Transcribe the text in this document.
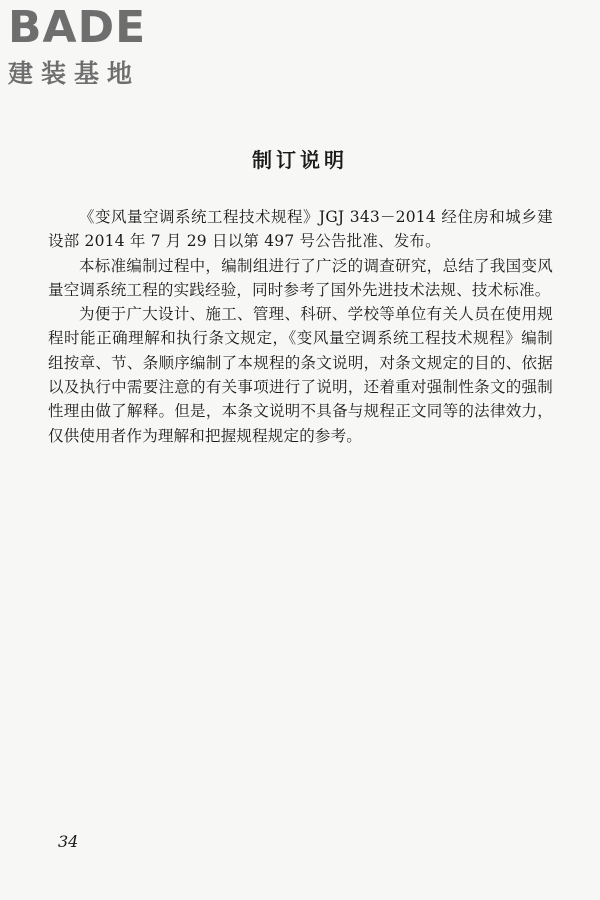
BADE
建装基地
制订说明

《变风量空调系统工程技术规程》JGJ 343－2014 经住房和城乡建设部 2014 年 7 月 29 日以第 497 号公告批准、发布。

本标准编制过程中，编制组进行了广泛的调查研究，总结了我国变风量空调系统工程的实践经验，同时参考了国外先进技术法规、技术标准。

为便于广大设计、施工、管理、科研、学校等单位有关人员在使用规程时能正确理解和执行条文规定，《变风量空调系统工程技术规程》编制组按章、节、条顺序编制了本规程的条文说明，对条文规定的目的、依据以及执行中需要注意的有关事项进行了说明，还着重对强制性条文的强制性理由做了解释。但是，本条文说明不具备与规程正文同等的法律效力，仅供使用者作为理解和把握规程规定的参考。

34
